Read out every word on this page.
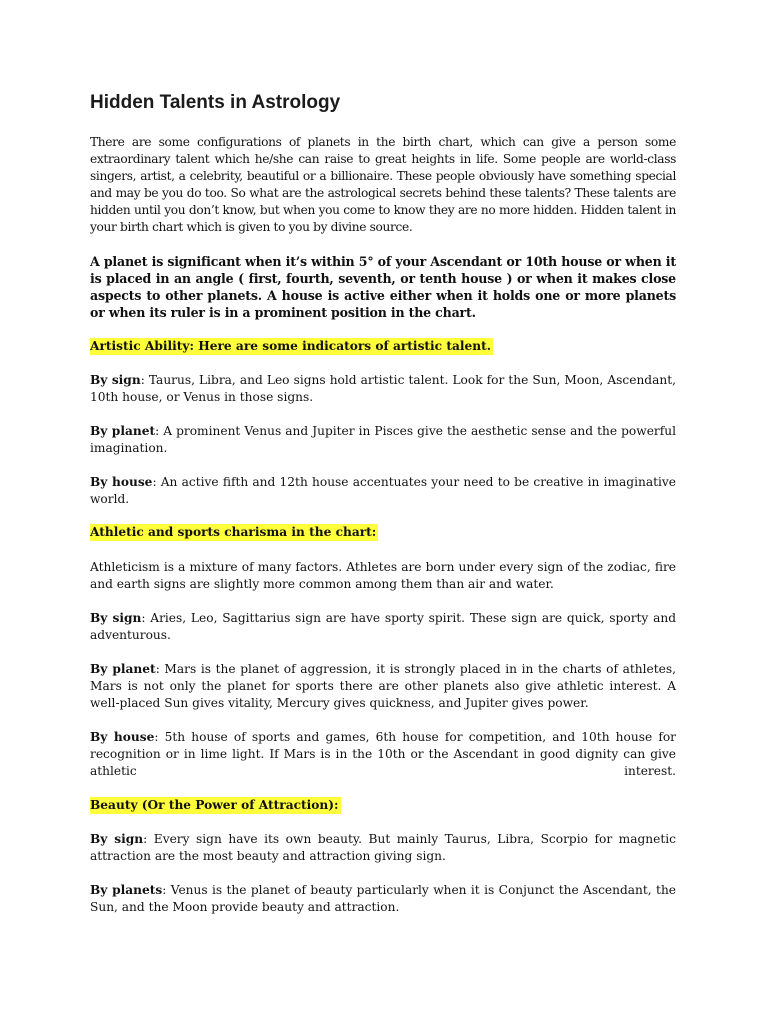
Hidden Talents in Astrology

There are some configurations of planets in the birth chart, which can give a person some extraordinary talent which he/she can raise to great heights in life. Some people are world-class singers, artist, a celebrity, beautiful or a billionaire. These people obviously have something special and may be you do too. So what are the astrological secrets behind these talents? These talents are hidden until you don’t know, but when you come to know they are no more hidden. Hidden talent in your birth chart which is given to you by divine source.

A planet is significant when it’s within 5° of your Ascendant or 10th house or when it is placed in an angle ( first, fourth, seventh, or tenth house ) or when it makes close aspects to other planets. A house is active either when it holds one or more planets or when its ruler is in a prominent position in the chart.

Artistic Ability: Here are some indicators of artistic talent.

By sign: Taurus, Libra, and Leo signs hold artistic talent. Look for the Sun, Moon, Ascendant, 10th house, or Venus in those signs.

By planet: A prominent Venus and Jupiter in Pisces give the aesthetic sense and the powerful imagination.

By house: An active fifth and 12th house accentuates your need to be creative in imaginative world.

Athletic and sports charisma in the chart:

Athleticism is a mixture of many factors. Athletes are born under every sign of the zodiac, fire and earth signs are slightly more common among them than air and water.

By sign: Aries, Leo, Sagittarius sign are have sporty spirit. These sign are quick, sporty and adventurous.

By planet: Mars is the planet of aggression, it is strongly placed in in the charts of athletes, Mars is not only the planet for sports there are other planets also give athletic interest. A well-placed Sun gives vitality, Mercury gives quickness, and Jupiter gives power.

By house: 5th house of sports and games, 6th house for competition, and 10th house for recognition or in lime light. If Mars is in the 10th or the Ascendant in good dignity can give athletic interest.

Beauty (Or the Power of Attraction):

By sign: Every sign have its own beauty. But mainly Taurus, Libra, Scorpio for magnetic attraction are the most beauty and attraction giving sign.

By planets: Venus is the planet of beauty particularly when it is Conjunct the Ascendant, the Sun, and the Moon provide beauty and attraction.
